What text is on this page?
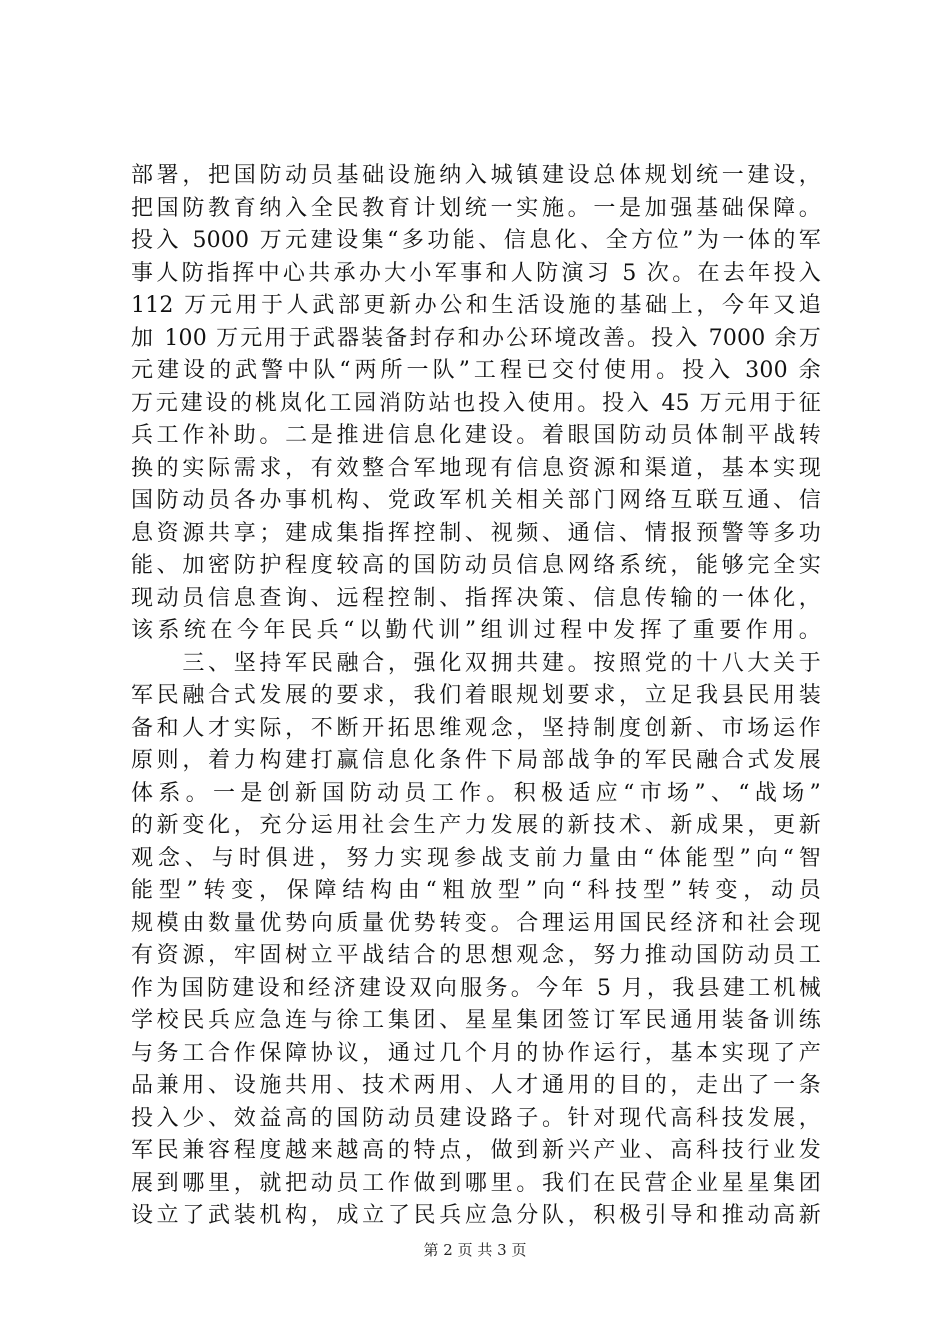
部署，把国防动员基础设施纳入城镇建设总体规划统一建设，
把国防教育纳入全民教育计划统一实施。一是加强基础保障。
投入 5000 万元建设集“多功能、信息化、全方位”为一体的军
事人防指挥中心共承办大小军事和人防演习 5 次。在去年投入
112 万元用于人武部更新办公和生活设施的基础上，今年又追
加 100 万元用于武器装备封存和办公环境改善。投入 7000 余万
元建设的武警中队“两所一队”工程已交付使用。投入 300 余
万元建设的桃岚化工园消防站也投入使用。投入 45 万元用于征
兵工作补助。二是推进信息化建设。着眼国防动员体制平战转
换的实际需求，有效整合军地现有信息资源和渠道，基本实现
国防动员各办事机构、党政军机关相关部门网络互联互通、信
息资源共享；建成集指挥控制、视频、通信、情报预警等多功
能、加密防护程度较高的国防动员信息网络系统，能够完全实
现动员信息查询、远程控制、指挥决策、信息传输的一体化，
该系统在今年民兵“以勤代训”组训过程中发挥了重要作用。
　　三、坚持军民融合，强化双拥共建。按照党的十八大关于
军民融合式发展的要求，我们着眼规划要求，立足我县民用装
备和人才实际，不断开拓思维观念，坚持制度创新、市场运作
原则，着力构建打赢信息化条件下局部战争的军民融合式发展
体系。一是创新国防动员工作。积极适应“市场”、“战场”
的新变化，充分运用社会生产力发展的新技术、新成果，更新
观念、与时俱进，努力实现参战支前力量由“体能型”向“智
能型”转变，保障结构由“粗放型”向“科技型”转变，动员
规模由数量优势向质量优势转变。合理运用国民经济和社会现
有资源，牢固树立平战结合的思想观念，努力推动国防动员工
作为国防建设和经济建设双向服务。今年 5 月，我县建工机械
学校民兵应急连与徐工集团、星星集团签订军民通用装备训练
与务工合作保障协议，通过几个月的协作运行，基本实现了产
品兼用、设施共用、技术两用、人才通用的目的，走出了一条
投入少、效益高的国防动员建设路子。针对现代高科技发展，
军民兼容程度越来越高的特点，做到新兴产业、高科技行业发
展到哪里，就把动员工作做到哪里。我们在民营企业星星集团
设立了武装机构，成立了民兵应急分队，积极引导和推动高新
第 2 页 共 3 页
